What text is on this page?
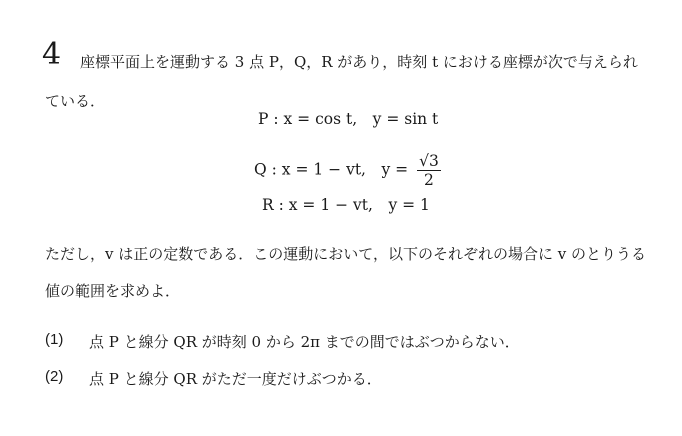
4 座標平面上を運動する 3 点 P，Q，R があり，時刻 t における座標が次で与えられ
ている．
P : x = cos t,　y = sin t
Q : x = 1 − vt,　$y = \frac{√3}{2}$
R : x = 1 − vt,　y = 1
ただし，v は正の定数である．この運動において，以下のそれぞれの場合に v のとりうる
値の範囲を求めよ．
(1) 点 P と線分 QR が時刻 0 から 2π までの間ではぶつからない．
(2) 点 P と線分 QR がただ一度だけぶつかる．
